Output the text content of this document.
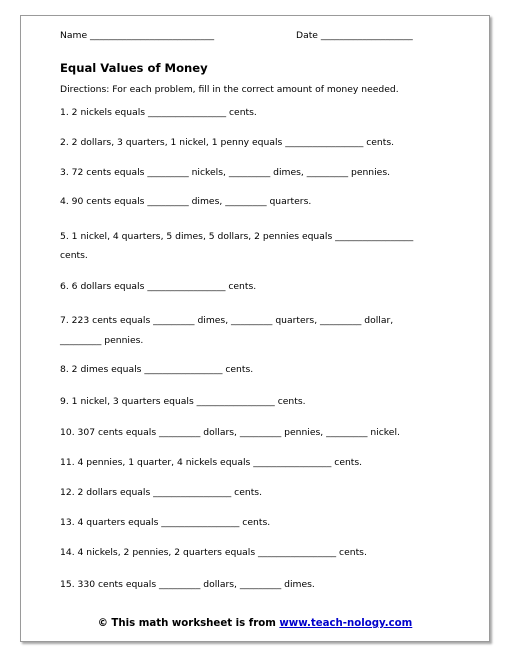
Name ___________________________	Date ____________________
Equal Values of Money
Directions: For each problem, fill in the correct amount of money needed.
1. 2 nickels equals _________________ cents.
2. 2 dollars, 3 quarters, 1 nickel, 1 penny equals _________________ cents.
3. 72 cents equals _________ nickels, _________ dimes, _________ pennies.
4. 90 cents equals _________ dimes, _________ quarters.
5. 1 nickel, 4 quarters, 5 dimes, 5 dollars, 2 pennies equals _________________
cents.
6. 6 dollars equals _________________ cents.
7. 223 cents equals _________ dimes, _________ quarters, _________ dollar,
_________ pennies.
8. 2 dimes equals _________________ cents.
9. 1 nickel, 3 quarters equals _________________ cents.
10. 307 cents equals _________ dollars, _________ pennies, _________ nickel.
11. 4 pennies, 1 quarter, 4 nickels equals _________________ cents.
12. 2 dollars equals _________________ cents.
13. 4 quarters equals _________________ cents.
14. 4 nickels, 2 pennies, 2 quarters equals _________________ cents.
15. 330 cents equals _________ dollars, _________ dimes.
© This math worksheet is from www.teach-nology.com
